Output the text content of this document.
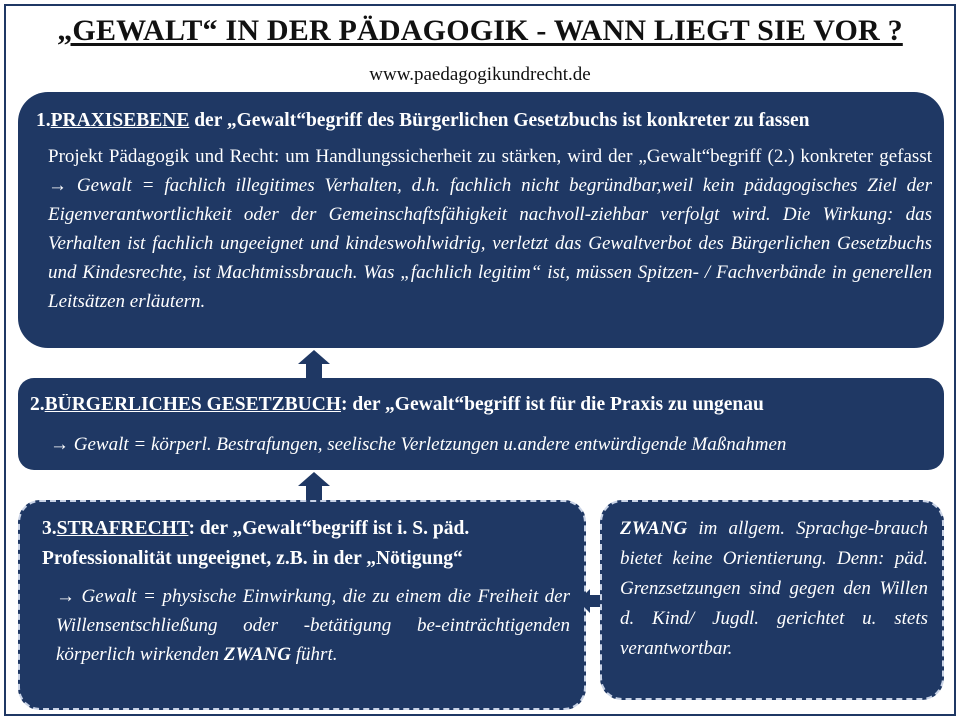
„GEWALT“ IN DER PÄDAGOGIK - WANN LIEGT SIE VOR ?
www.paedagogikundrecht.de
1.PRAXISEBENE der „Gewalt“begriff des Bürgerlichen Gesetzbuchs ist konkreter zu fassen
Projekt Pädagogik und Recht: um Handlungssicherheit zu stärken, wird der „Gewalt“begriff (2.) konkreter gefasst → Gewalt = fachlich illegitimes Verhalten, d.h. fachlich nicht begründbar,weil kein pädagogisches Ziel der Eigenverantwortlichkeit oder der Gemeinschaftsfähigkeit nachvoll-ziehbar verfolgt wird. Die Wirkung: das Verhalten ist fachlich ungeeignet und kindeswohlwidrig, verletzt das Gewaltverbot des Bürgerlichen Gesetzbuchs und Kindesrechte, ist Machtmissbrauch. Was „fachlich legitim“ ist, müssen Spitzen- / Fachverbände in generellen Leitsätzen erläutern.
2.BÜRGERLICHES GESETZBUCH: der „Gewalt“begriff ist für die Praxis zu ungenau
→ Gewalt = körperl. Bestrafungen, seelische Verletzungen u.andere entwürdigende Maßnahmen
3.STRAFRECHT: der „Gewalt“begriff ist i. S. päd. Professionalität ungeeignet, z.B. in der „Nötigung“
→ Gewalt = physische Einwirkung, die zu einem die Freiheit der Willensentschließung oder -betätigung be-einträchtigenden körperlich wirkenden ZWANG führt.
ZWANG im allgem. Sprachge-brauch bietet keine Orientierung. Denn: päd. Grenzsetzungen sind gegen den Willen d. Kind/ Jugdl. gerichtet u. stets verantwortbar.
